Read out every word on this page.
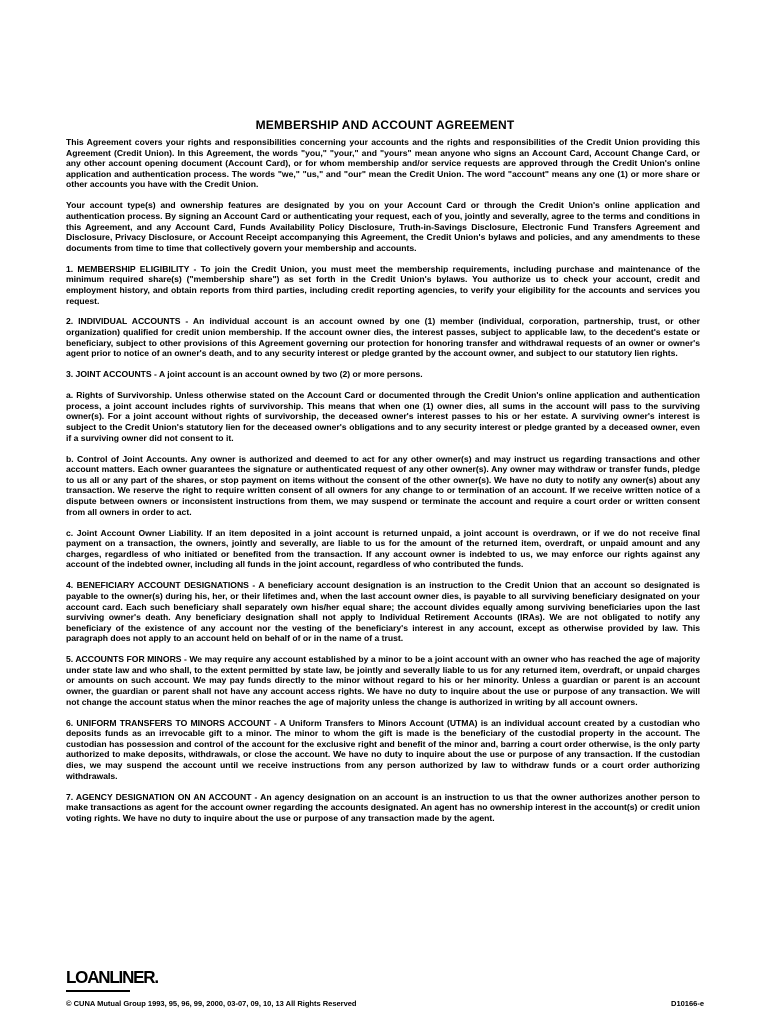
MEMBERSHIP AND ACCOUNT AGREEMENT

This Agreement covers your rights and responsibilities concerning your accounts and the rights and responsibilities of the Credit Union providing this Agreement (Credit Union). In this Agreement, the words "you," "your," and "yours" mean anyone who signs an Account Card, Account Change Card, or any other account opening document (Account Card), or for whom membership and/or service requests are approved through the Credit Union's online application and authentication process. The words "we," "us," and "our" mean the Credit Union. The word "account" means any one (1) or more share or other accounts you have with the Credit Union.

Your account type(s) and ownership features are designated by you on your Account Card or through the Credit Union's online application and authentication process. By signing an Account Card or authenticating your request, each of you, jointly and severally, agree to the terms and conditions in this Agreement, and any Account Card, Funds Availability Policy Disclosure, Truth-in-Savings Disclosure, Electronic Fund Transfers Agreement and Disclosure, Privacy Disclosure, or Account Receipt accompanying this Agreement, the Credit Union's bylaws and policies, and any amendments to these documents from time to time that collectively govern your membership and accounts.

1. MEMBERSHIP ELIGIBILITY - To join the Credit Union, you must meet the membership requirements, including purchase and maintenance of the minimum required share(s) ("membership share") as set forth in the Credit Union's bylaws. You authorize us to check your account, credit and employment history, and obtain reports from third parties, including credit reporting agencies, to verify your eligibility for the accounts and services you request.

2. INDIVIDUAL ACCOUNTS - An individual account is an account owned by one (1) member (individual, corporation, partnership, trust, or other organization) qualified for credit union membership. If the account owner dies, the interest passes, subject to applicable law, to the decedent's estate or beneficiary, subject to other provisions of this Agreement governing our protection for honoring transfer and withdrawal requests of an owner or owner's agent prior to notice of an owner's death, and to any security interest or pledge granted by the account owner, and subject to our statutory lien rights.

3. JOINT ACCOUNTS - A joint account is an account owned by two (2) or more persons.

a. Rights of Survivorship. Unless otherwise stated on the Account Card or documented through the Credit Union's online application and authentication process, a joint account includes rights of survivorship. This means that when one (1) owner dies, all sums in the account will pass to the surviving owner(s). For a joint account without rights of survivorship, the deceased owner's interest passes to his or her estate. A surviving owner's interest is subject to the Credit Union's statutory lien for the deceased owner's obligations and to any security interest or pledge granted by a deceased owner, even if a surviving owner did not consent to it.

b. Control of Joint Accounts. Any owner is authorized and deemed to act for any other owner(s) and may instruct us regarding transactions and other account matters. Each owner guarantees the signature or authenticated request of any other owner(s). Any owner may withdraw or transfer funds, pledge to us all or any part of the shares, or stop payment on items without the consent of the other owner(s). We have no duty to notify any owner(s) about any transaction. We reserve the right to require written consent of all owners for any change to or termination of an account. If we receive written notice of a dispute between owners or inconsistent instructions from them, we may suspend or terminate the account and require a court order or written consent from all owners in order to act.

c. Joint Account Owner Liability. If an item deposited in a joint account is returned unpaid, a joint account is overdrawn, or if we do not receive final payment on a transaction, the owners, jointly and severally, are liable to us for the amount of the returned item, overdraft, or unpaid amount and any charges, regardless of who initiated or benefited from the transaction. If any account owner is indebted to us, we may enforce our rights against any account of the indebted owner, including all funds in the joint account, regardless of who contributed the funds.

4. BENEFICIARY ACCOUNT DESIGNATIONS - A beneficiary account designation is an instruction to the Credit Union that an account so designated is payable to the owner(s) during his, her, or their lifetimes and, when the last account owner dies, is payable to all surviving beneficiary designated on your account card. Each such beneficiary shall separately own his/her equal share; the account divides equally among surviving beneficiaries upon the last surviving owner's death. Any beneficiary designation shall not apply to Individual Retirement Accounts (IRAs). We are not obligated to notify any beneficiary of the existence of any account nor the vesting of the beneficiary's interest in any account, except as otherwise provided by law. This paragraph does not apply to an account held on behalf of or in the name of a trust.

5. ACCOUNTS FOR MINORS - We may require any account established by a minor to be a joint account with an owner who has reached the age of majority under state law and who shall, to the extent permitted by state law, be jointly and severally liable to us for any returned item, overdraft, or unpaid charges or amounts on such account. We may pay funds directly to the minor without regard to his or her minority. Unless a guardian or parent is an account owner, the guardian or parent shall not have any account access rights. We have no duty to inquire about the use or purpose of any transaction. We will not change the account status when the minor reaches the age of majority unless the change is authorized in writing by all account owners.

6. UNIFORM TRANSFERS TO MINORS ACCOUNT - A Uniform Transfers to Minors Account (UTMA) is an individual account created by a custodian who deposits funds as an irrevocable gift to a minor. The minor to whom the gift is made is the beneficiary of the custodial property in the account. The custodian has possession and control of the account for the exclusive right and benefit of the minor and, barring a court order otherwise, is the only party authorized to make deposits, withdrawals, or close the account. We have no duty to inquire about the use or purpose of any transaction. If the custodian dies, we may suspend the account until we receive instructions from any person authorized by law to withdraw funds or a court order authorizing withdrawals.

7. AGENCY DESIGNATION ON AN ACCOUNT - An agency designation on an account is an instruction to us that the owner authorizes another person to make transactions as agent for the account owner regarding the accounts designated. An agent has no ownership interest in the account(s) or credit union voting rights. We have no duty to inquire about the use or purpose of any transaction made by the agent.

LOANLINER.
© CUNA Mutual Group 1993, 95, 96, 99, 2000, 03-07, 09, 10, 13 All Rights Reserved	D10166-e
